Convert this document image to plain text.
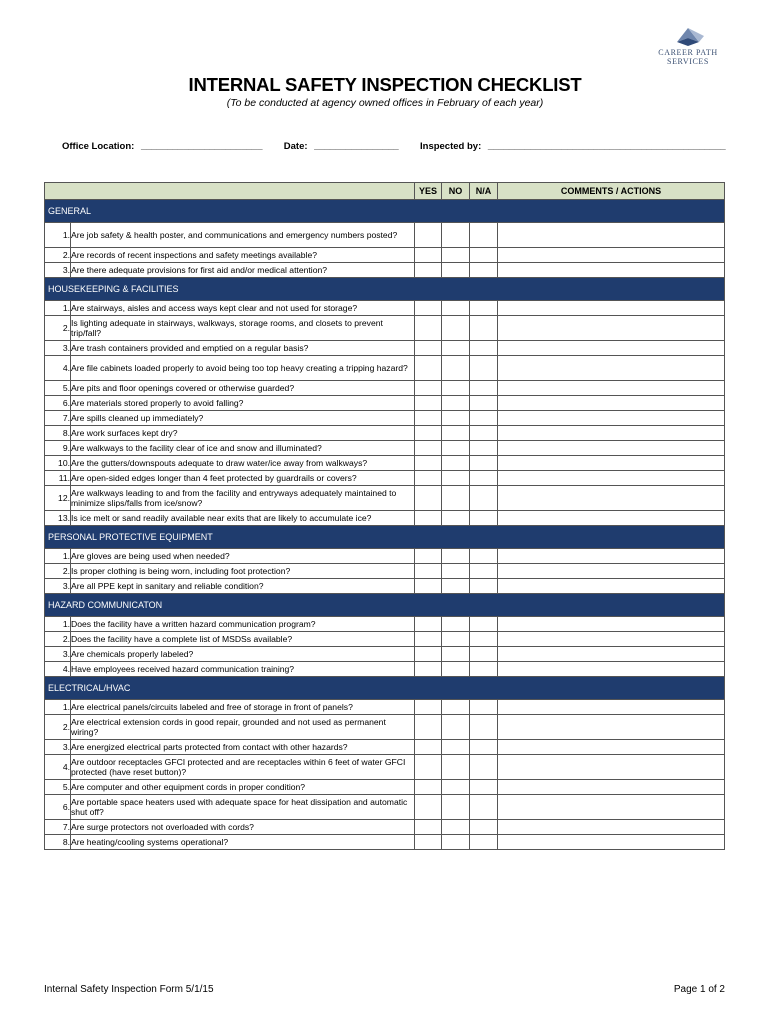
CAREER PATH
SERVICES
INTERNAL SAFETY INSPECTION CHECKLIST
(To be conducted at agency owned offices in February of each year)
Office Location: _______________________ Date: ________________ Inspected by: _____________________________________________
		YES	NO	N/A	COMMENTS / ACTIONS
GENERAL					
1.	Are job safety & health poster, and communications and emergency numbers posted?				
2.	Are records of recent inspections and safety meetings available?				
3.	Are there adequate provisions for first aid and/or medical attention?				
HOUSEKEEPING & FACILITIES					
1.	Are stairways, aisles and access ways kept clear and not used for storage?				
2.	Is lighting adequate in stairways, walkways, storage rooms, and closets to prevent trip/fall?				
3.	Are trash containers provided and emptied on a regular basis?				
4.	Are file cabinets loaded properly to avoid being too top heavy creating a tripping hazard?				
5.	Are pits and floor openings covered or otherwise guarded?				
6.	Are materials stored properly to avoid falling?				
7.	Are spills cleaned up immediately?				
8.	Are work surfaces kept dry?				
9.	Are walkways to the facility clear of ice and snow and illuminated?				
10.	Are the gutters/downspouts adequate to draw water/ice away from walkways?				
11.	Are open-sided edges longer than 4 feet protected by guardrails or covers?				
12.	Are walkways leading to and from the facility and entryways adequately maintained to minimize slips/falls from ice/snow?				
13.	Is ice melt or sand readily available near exits that are likely to accumulate ice?				
PERSONAL PROTECTIVE EQUIPMENT					
1.	Are gloves are being used when needed?				
2.	Is proper clothing is being worn, including foot protection?				
3.	Are all PPE kept in sanitary and reliable condition?				
HAZARD COMMUNICATON					
1.	Does the facility have a written hazard communication program?				
2.	Does the facility have a complete list of MSDSs available?				
3.	Are chemicals properly labeled?				
4.	Have employees received hazard communication training?				
ELECTRICAL/HVAC					
1.	Are electrical panels/circuits labeled and free of storage in front of panels?				
2.	Are electrical extension cords in good repair, grounded and not used as permanent wiring?				
3.	Are energized electrical parts protected from contact with other hazards?				
4.	Are outdoor receptacles GFCI protected and are receptacles within 6 feet of water GFCI protected (have reset button)?				
5.	Are computer and other equipment cords in proper condition?				
6.	Are portable space heaters used with adequate space for heat dissipation and automatic shut off?				
7.	Are surge protectors not overloaded with cords?				
8.	Are heating/cooling systems operational?				

Internal Safety Inspection Form 5/1/15	Page 1 of 2
